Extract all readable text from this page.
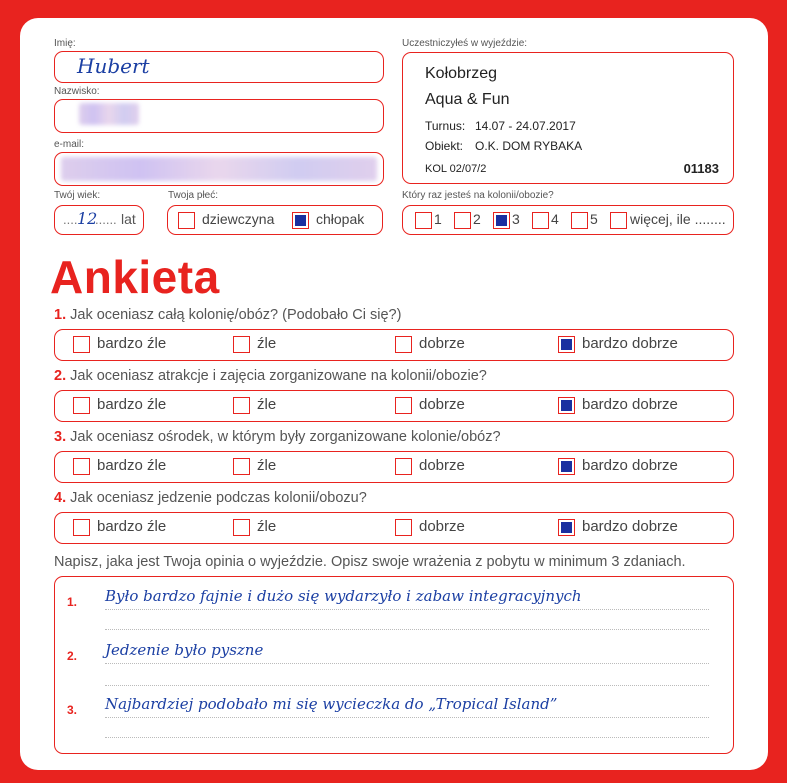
Imię:
Hubert
Nazwisko:
e-mail:
Twój wiek:
.... 12
...... lat
Twoja płeć:
dziewczyna	chłopak
Uczestniczyłeś w wyjeździe:
Kołobrzeg
Aqua & Fun
Turnus: 14.07 - 24.07.2017
Obiekt: O.K. DOM RYBAKA
KOL 02/07/2	01183
Który raz jesteś na kolonii/obozie?
1 2 3 4 5 więcej, ile ........
Ankieta
1. Jak oceniasz całą kolonię/obóz? (Podobało Ci się?)
bardzo źle	źle	dobrze	bardzo dobrze
2. Jak oceniasz atrakcje i zajęcia zorganizowane na kolonii/obozie?
bardzo źle	źle	dobrze	bardzo dobrze
3. Jak oceniasz ośrodek, w którym były zorganizowane kolonie/obóz?
bardzo źle	źle	dobrze	bardzo dobrze
4. Jak oceniasz jedzenie podczas kolonii/obozu?
bardzo źle	źle	dobrze	bardzo dobrze
Napisz, jaka jest Twoja opinia o wyjeździe. Opisz swoje wrażenia z pobytu w minimum 3 zdaniach.
1. Było bardzo fajnie i dużo się wydarzyło i zabaw integracyjnych
2. Jedzenie było pyszne
3. Najbardziej podobało mi się wycieczka do „Tropical Island”
